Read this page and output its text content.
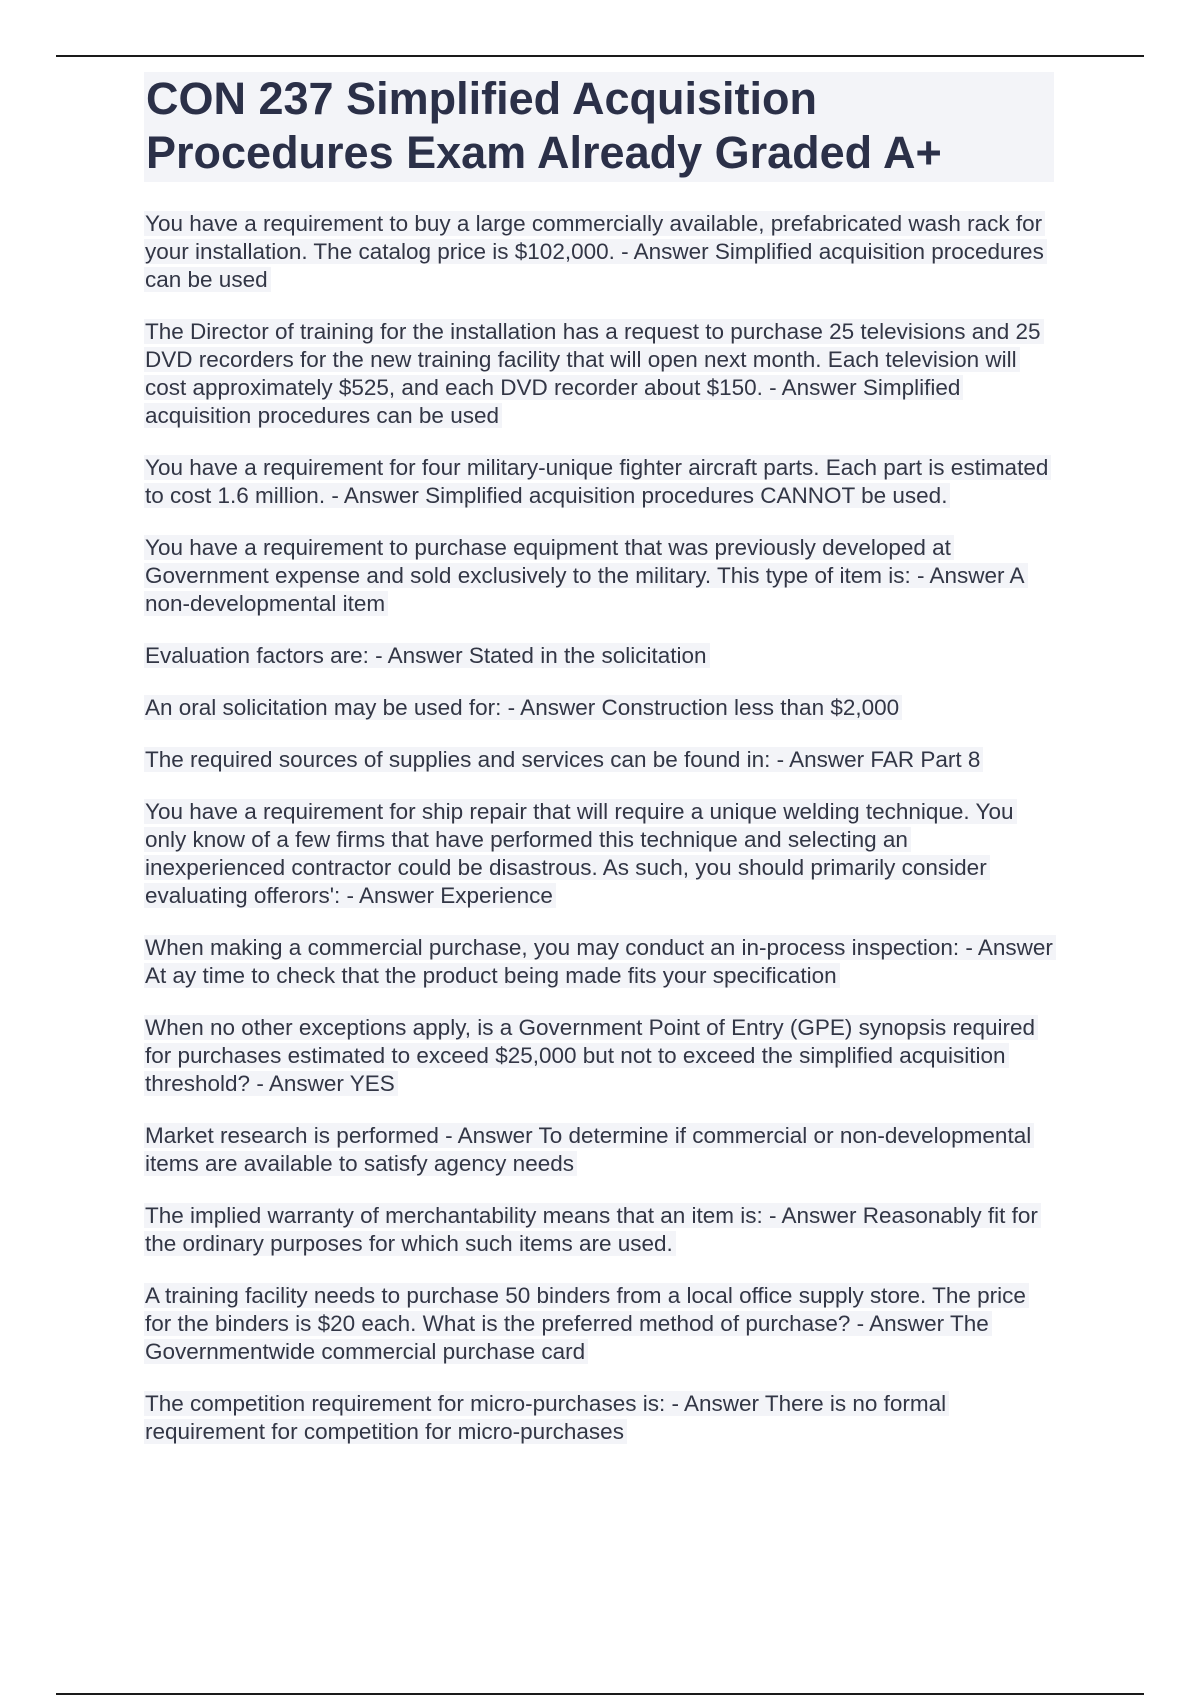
CON 237 Simplified Acquisition Procedures Exam Already Graded A+

You have a requirement to buy a large commercially available, prefabricated wash rack for your installation. The catalog price is $102,000. - Answer Simplified acquisition procedures can be used

The Director of training for the installation has a request to purchase 25 televisions and 25 DVD recorders for the new training facility that will open next month. Each television will cost approximately $525, and each DVD recorder about $150. - Answer Simplified acquisition procedures can be used

You have a requirement for four military-unique fighter aircraft parts. Each part is estimated to cost 1.6 million. - Answer Simplified acquisition procedures CANNOT be used.

You have a requirement to purchase equipment that was previously developed at Government expense and sold exclusively to the military. This type of item is: - Answer A non-developmental item

Evaluation factors are: - Answer Stated in the solicitation

An oral solicitation may be used for: - Answer Construction less than $2,000

The required sources of supplies and services can be found in: - Answer FAR Part 8

You have a requirement for ship repair that will require a unique welding technique. You only know of a few firms that have performed this technique and selecting an inexperienced contractor could be disastrous. As such, you should primarily consider evaluating offerors': - Answer Experience

When making a commercial purchase, you may conduct an in-process inspection: - Answer At ay time to check that the product being made fits your specification

When no other exceptions apply, is a Government Point of Entry (GPE) synopsis required for purchases estimated to exceed $25,000 but not to exceed the simplified acquisition threshold? - Answer YES

Market research is performed - Answer To determine if commercial or non-developmental items are available to satisfy agency needs

The implied warranty of merchantability means that an item is: - Answer Reasonably fit for the ordinary purposes for which such items are used.

A training facility needs to purchase 50 binders from a local office supply store. The price for the binders is $20 each. What is the preferred method of purchase? - Answer The Governmentwide commercial purchase card

The competition requirement for micro-purchases is: - Answer There is no formal requirement for competition for micro-purchases
